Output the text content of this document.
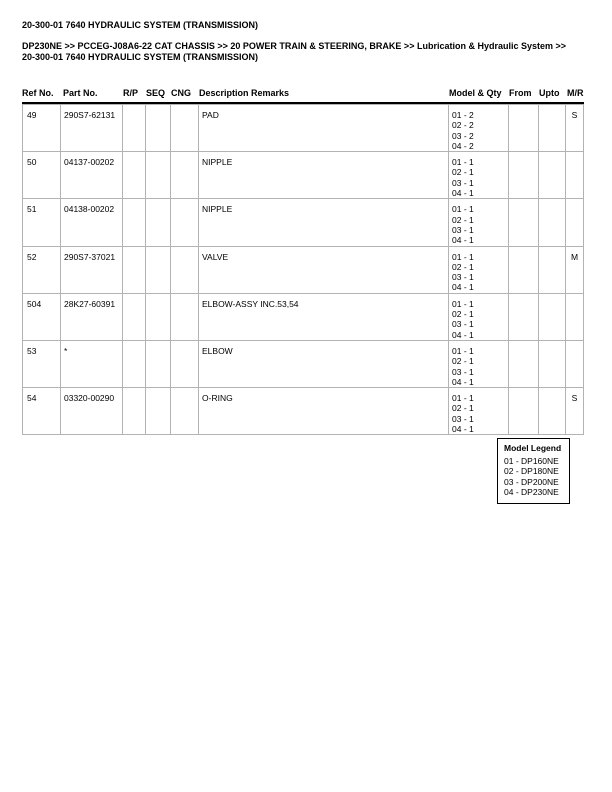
20-300-01 7640 HYDRAULIC SYSTEM (TRANSMISSION)
DP230NE >> PCCEG-J08A6-22 CAT CHASSIS >> 20 POWER TRAIN & STEERING, BRAKE >> Lubrication & Hydraulic System >>
20-300-01 7640 HYDRAULIC SYSTEM (TRANSMISSION)
Ref No. Part No.	R/P SEQ CNG Description Remarks	Model & Qty From Upto M/R
49	290S7-62131				PAD	01 - 2
02 - 2
03 - 2
04 - 2			S
50	04137-00202				NIPPLE	01 - 1
02 - 1
03 - 1
04 - 1			

51	04138-00202				NIPPLE	01 - 1
02 - 1
03 - 1
04 - 1			

52	290S7-37021				VALVE	01 - 1
02 - 1
03 - 1
04 - 1			M
504	28K27-60391				ELBOW-ASSY INC.53,54	01 - 1
02 - 1
03 - 1
04 - 1			

53	*				ELBOW	01 - 1
02 - 1
03 - 1
04 - 1			

54	03320-00290				O-RING	01 - 1
02 - 1
03 - 1
04 - 1			S
Model Legend
01 - DP160NE
02 - DP180NE
03 - DP200NE
04 - DP230NE
